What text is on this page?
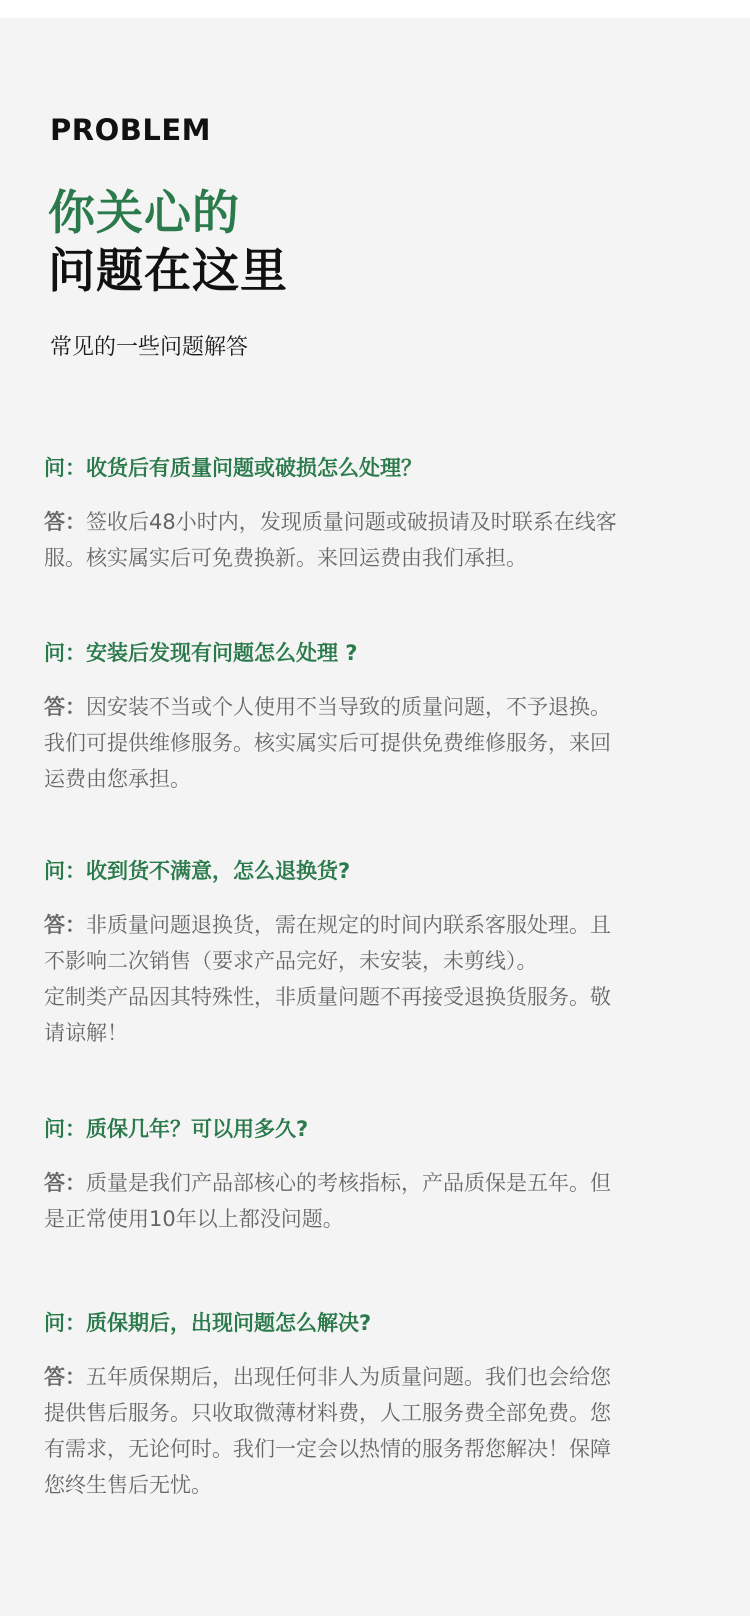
PROBLEM
你关心的
问题在这里
常见的一些问题解答
问：收货后有质量问题或破损怎么处理？
答：签收后48小时内，发现质量问题或破损请及时联系在线客
服。核实属实后可免费换新。来回运费由我们承担。
问：安装后发现有问题怎么处理 ?
答：因安装不当或个人使用不当导致的质量问题，不予退换。
我们可提供维修服务。核实属实后可提供免费维修服务，来回
运费由您承担。
问：收到货不满意，怎么退换货?
答：非质量问题退换货，需在规定的时间内联系客服处理。且
不影响二次销售（要求产品完好，未安装，未剪线）。
定制类产品因其特殊性，非质量问题不再接受退换货服务。敬
请谅解！
问：质保几年？可以用多久?
答：质量是我们产品部核心的考核指标，产品质保是五年。但
是正常使用10年以上都没问题。
问：质保期后，出现问题怎么解决?
答：五年质保期后，出现任何非人为质量问题。我们也会给您
提供售后服务。只收取微薄材料费，人工服务费全部免费。您
有需求，无论何时。我们一定会以热情的服务帮您解决！保障
您终生售后无忧。
